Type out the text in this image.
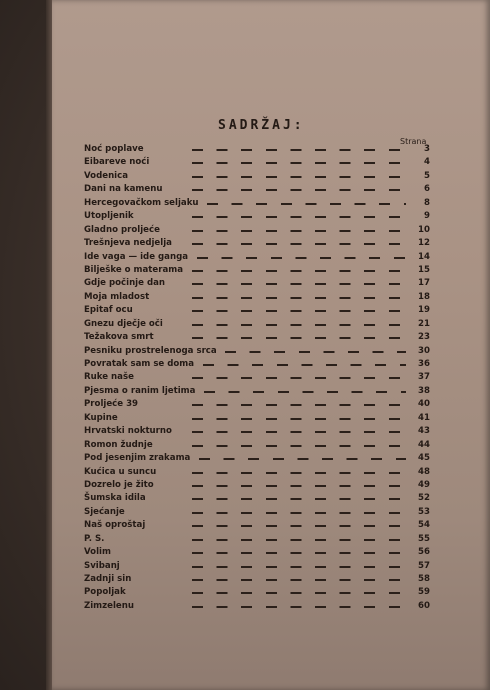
SADRŽAJ:
Strana
Noć poplave	3
Eibareve noći	4
Vodenica	5
Dani na kamenu	6
Hercegovačkom seljaku	8
Utopljenik	9
Gladno proljeće	10
Trešnjeva nedjelja	12
Ide vaga — ide ganga	14
Bilješke o materama	15
Gdje počinje dan	17
Moja mladost	18
Epitaf ocu	19
Gnezu dječje oči	21
Težakova smrt	23
Pesniku prostrelenoga srca	30
Povratak sam se doma	36
Ruke naše	37
Pjesma o ranim ljetima	38
Proljeće 39	40
Kupine	41
Hrvatski nokturno	43
Romon žudnje	44
Pod jesenjim zrakama	45
Kućica u suncu	48
Dozrelo je žito	49
Šumska idila	52
Sjećanje	53
Naš oproštaj	54
P. S.	55
Volim	56
Svibanj	57
Zadnji sin	58
Popoljak	59
Zimzelenu	60
